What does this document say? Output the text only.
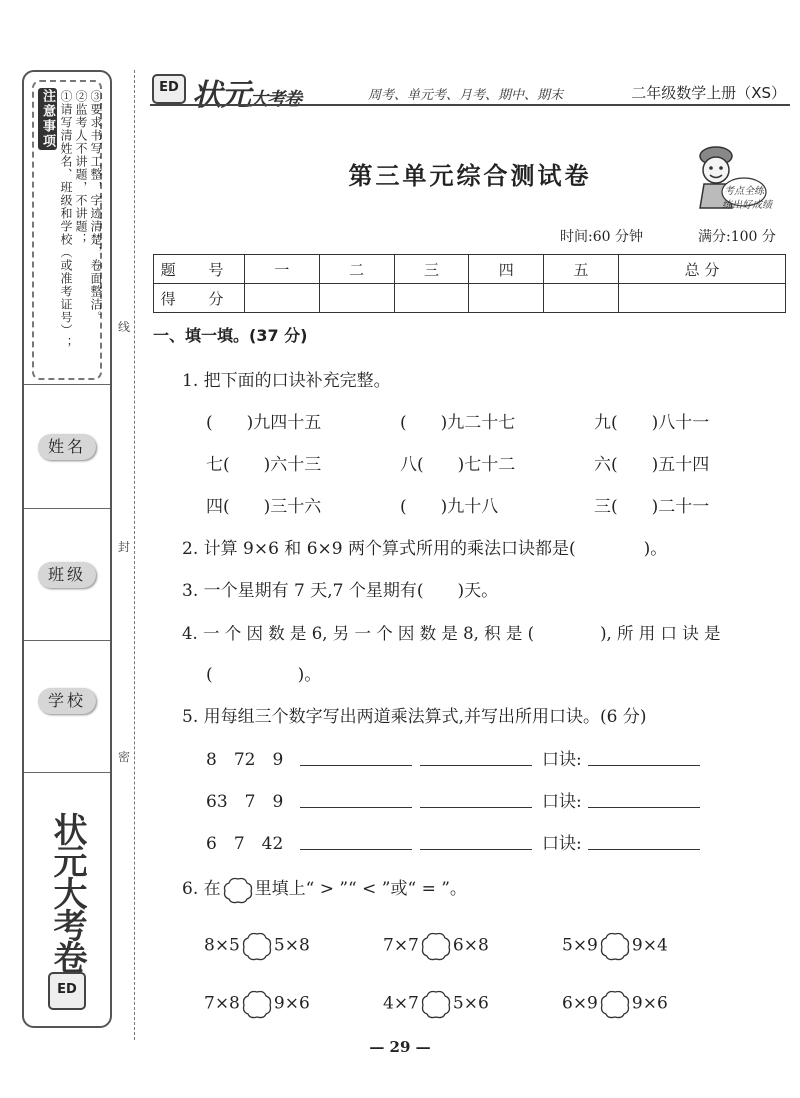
注意事项 ①请写清姓名、班级和学校（或准考证号）； ②监考人不讲题，不讲题； ③要求书写工整，字迹清楚，卷面整洁。
姓名
班级
学校
状元大考卷
ED
线
封
密
ED 状元大考卷	周考、单元考、月考、期中、期末	二年级数学上册（XS）
第三单元综合测试卷
考点全练
练出好成绩
时间:60 分钟	满分:100 分
题 号	一	二	三	四	五	总 分
得 分						
一、填一填。(37 分)
1. 把下面的口诀补充完整。
(　　)九四十五	(　　)九二十七	九(　　)八十一
七(　　)六十三	八(　　)七十二	六(　　)五十四
四(　　)三十六	(　　)九十八	三(　　)二十一
2. 计算 9×6 和 6×9 两个算式所用的乘法口诀都是(　　　　)。
3. 一个星期有 7 天,7 个星期有(　　)天。
4. 一 个 因 数 是 6, 另 一 个 因 数 是 8, 积 是 (　　　　), 所 用 口 诀 是
(　　　　　)。
5. 用每组三个数字写出两道乘法算式,并写出所用口诀。(6 分)
8　72　9	口诀:
63　7　9	口诀:
6　7　42	口诀:
6. 在 里填上“ > ”“ < ”或“ = ”。
8×5 5×8	7×7 6×8	5×9 9×4
7×8 9×6	4×7 5×6	6×9 9×6
— 29 —
